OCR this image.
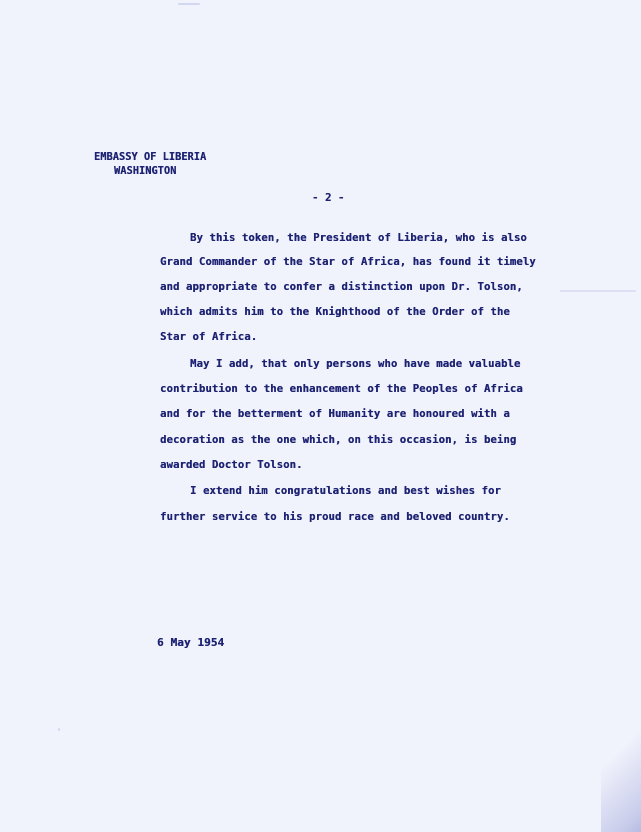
EMBASSY OF LIBERIA
WASHINGTON

- 2 -

By this token, the President of Liberia, who is also

Grand Commander of the Star of Africa, has found it timely

and appropriate to confer a distinction upon Dr. Tolson,

which admits him to the Knighthood of the Order of the

Star of Africa.

May I add, that only persons who have made valuable

contribution to the enhancement of the Peoples of Africa

and for the betterment of Humanity are honoured with a

decoration as the one which, on this occasion, is being

awarded Doctor Tolson.

I extend him congratulations and best wishes for

further service to his proud race and beloved country.

6 May 1954
